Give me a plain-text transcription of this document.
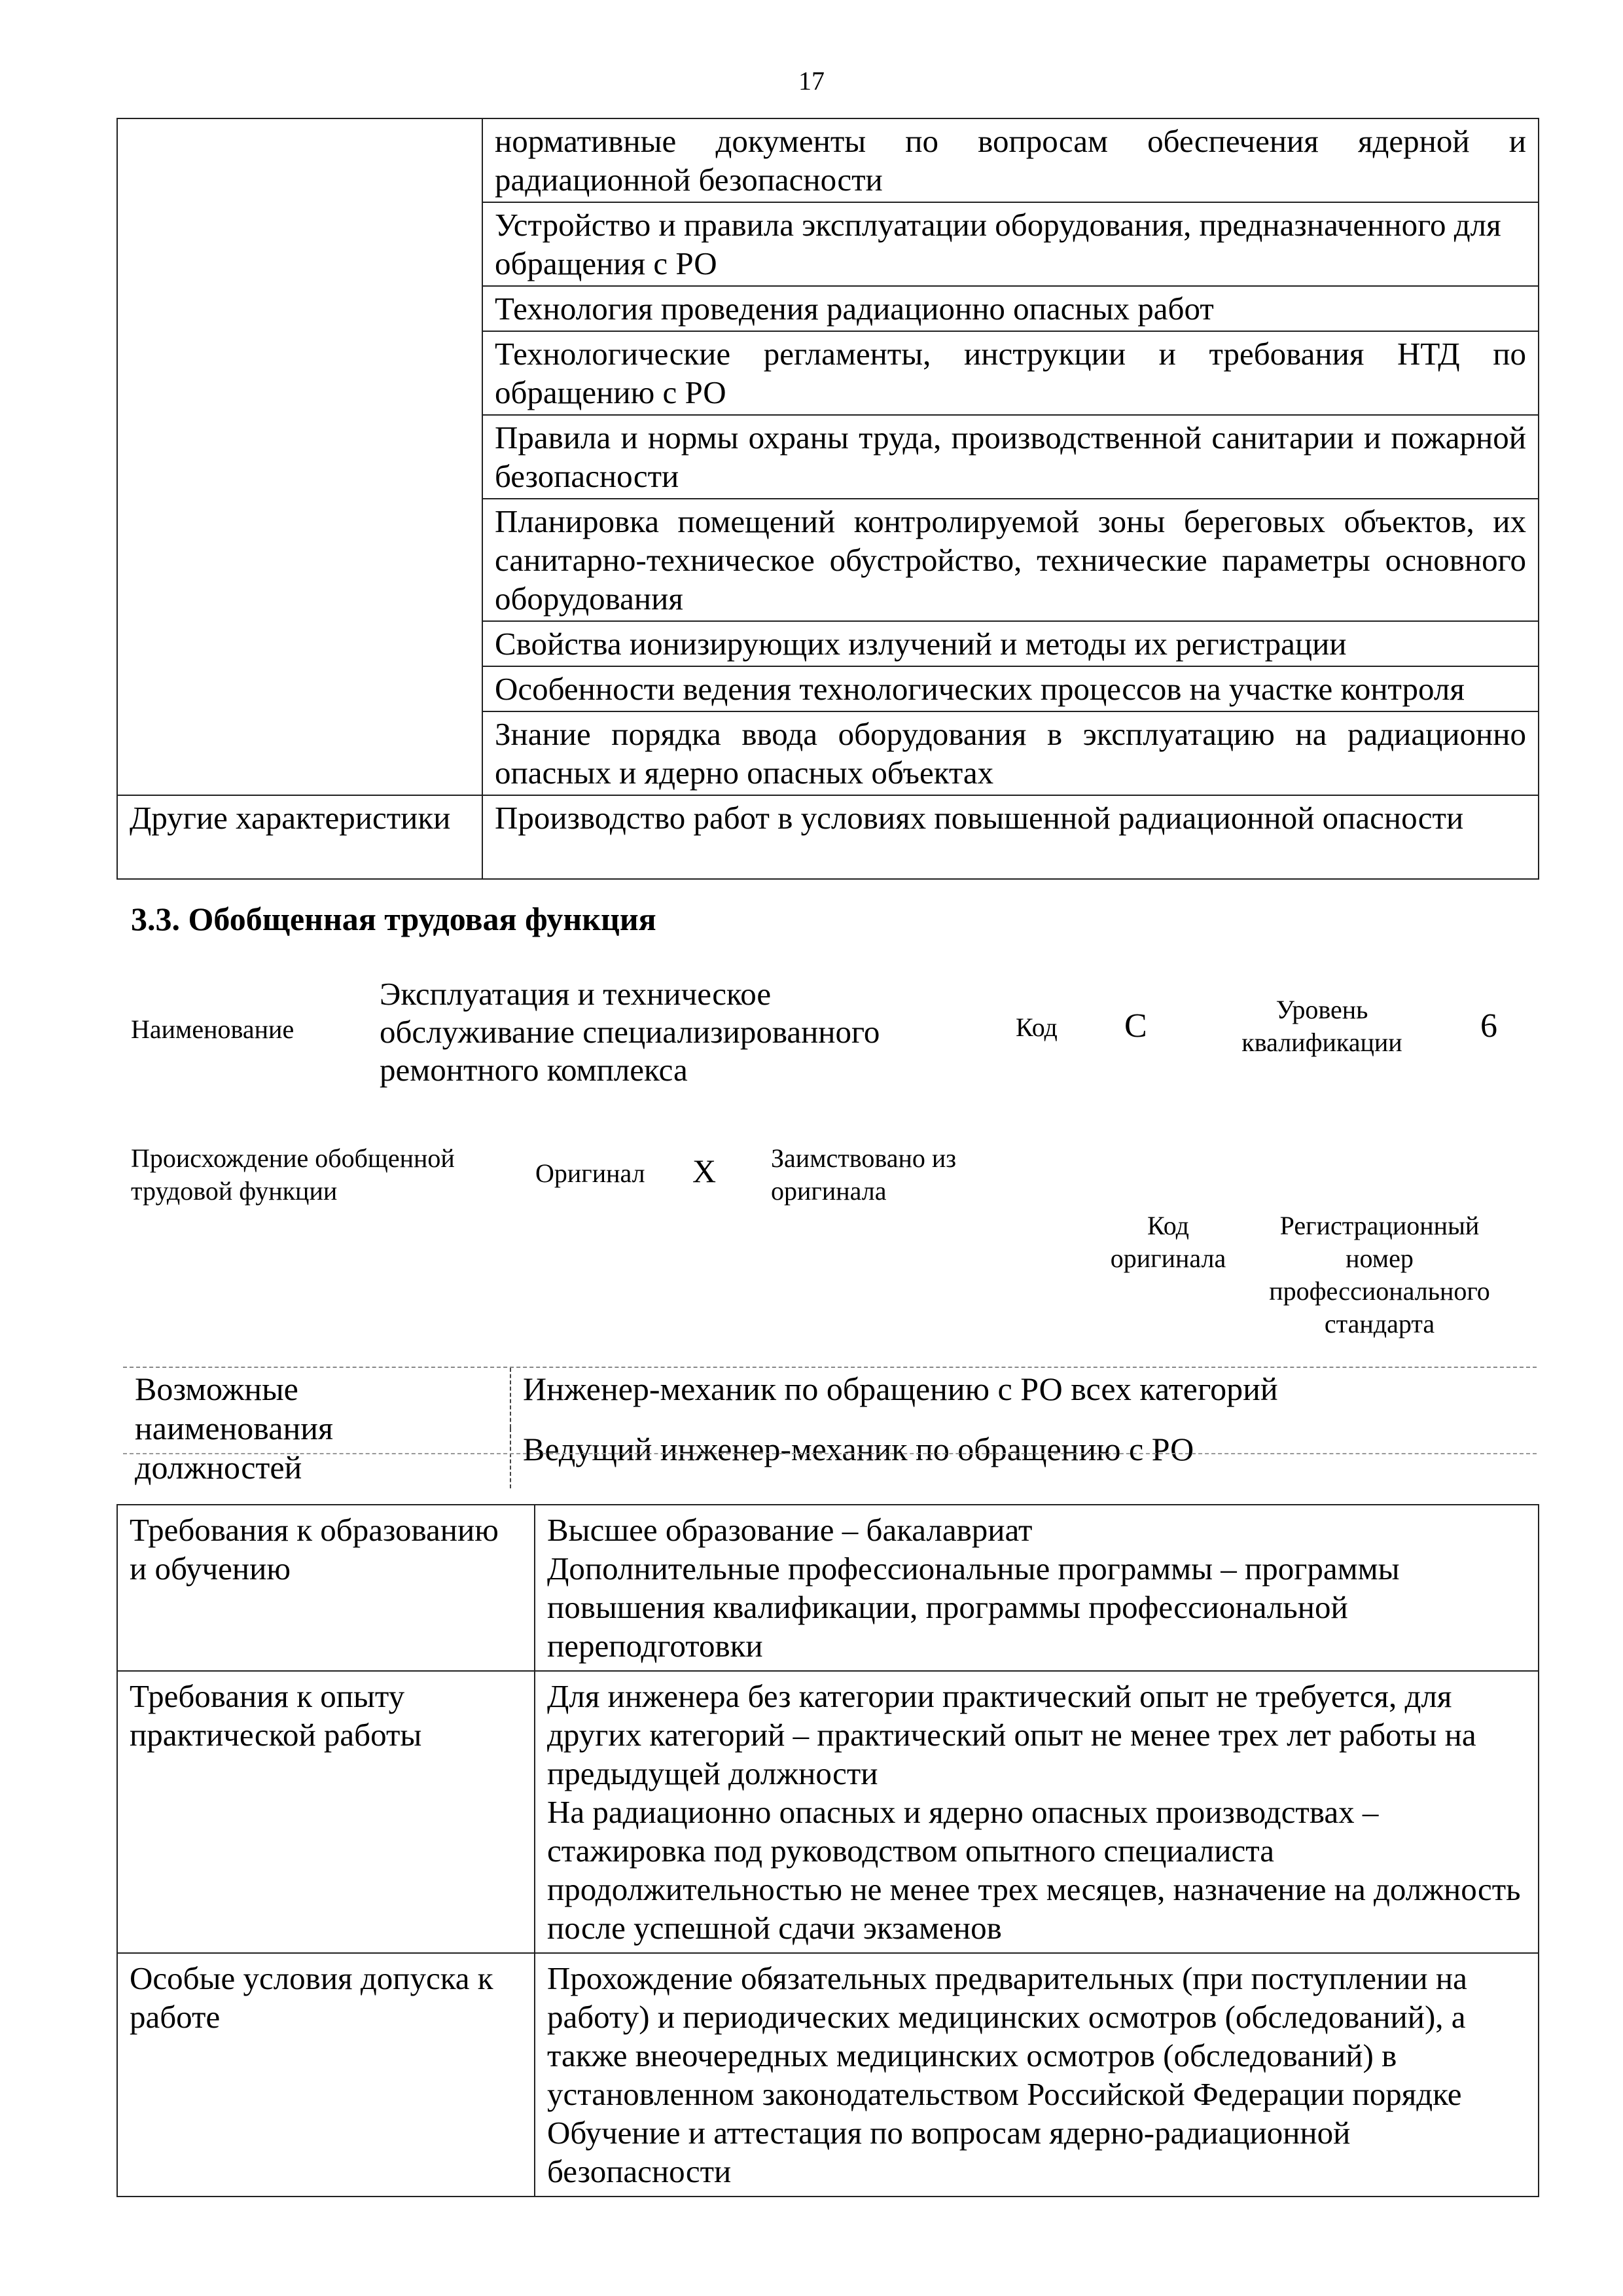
17
	нормативные документы по вопросам обеспечения ядерной и радиационной безопасности
	Устройство и правила эксплуатации оборудования, предназначенного для обращения с РО
	Технология проведения радиационно опасных работ
	Технологические регламенты, инструкции и требования НТД по обращению с РО
	Правила и нормы охраны труда, производственной санитарии и пожарной безопасности
	Планировка помещений контролируемой зоны береговых объектов, их санитарно-техническое обустройство, технические параметры основного оборудования
	Свойства ионизирующих излучений и методы их регистрации
	Особенности ведения технологических процессов на участке контроля
	Знание порядка ввода оборудования в эксплуатацию на радиационно опасных и ядерно опасных объектах
Другие характеристики	Производство работ в условиях повышенной радиационной опасности
3.3. Обобщенная трудовая функция
Наименование
Эксплуатация и техническое обслуживание специализированного ремонтного комплекса
Код C	Уровень квалификации	6
Происхождение обобщенной трудовой функции
Оригинал X Заимствовано из оригинала
Код оригинала
Регистрационный номер профессионального стандарта
Возможные наименования должностей	Инженер-механик по обращению с РО всех категорий
Ведущий инженер-механик по обращению с РО
Требования к образованию и обучению	Высшее образование – бакалавриат
Дополнительные профессиональные программы – программы повышения квалификации, программы профессиональной переподготовки

Требования к опыту практической работы	Для инженера без категории практический опыт не требуется, для других категорий – практический опыт не менее трех лет работы на предыдущей должности
На радиационно опасных и ядерно опасных производствах – стажировка под руководством опытного специалиста продолжительностью не менее трех месяцев, назначение на должность после успешной сдачи экзаменов

Особые условия допуска к работе	Прохождение обязательных предварительных (при поступлении на работу) и периодических медицинских осмотров (обследований), а также внеочередных медицинских осмотров (обследований) в установленном законодательством Российской Федерации порядке
Обучение и аттестация по вопросам ядерно-радиационной безопасности
